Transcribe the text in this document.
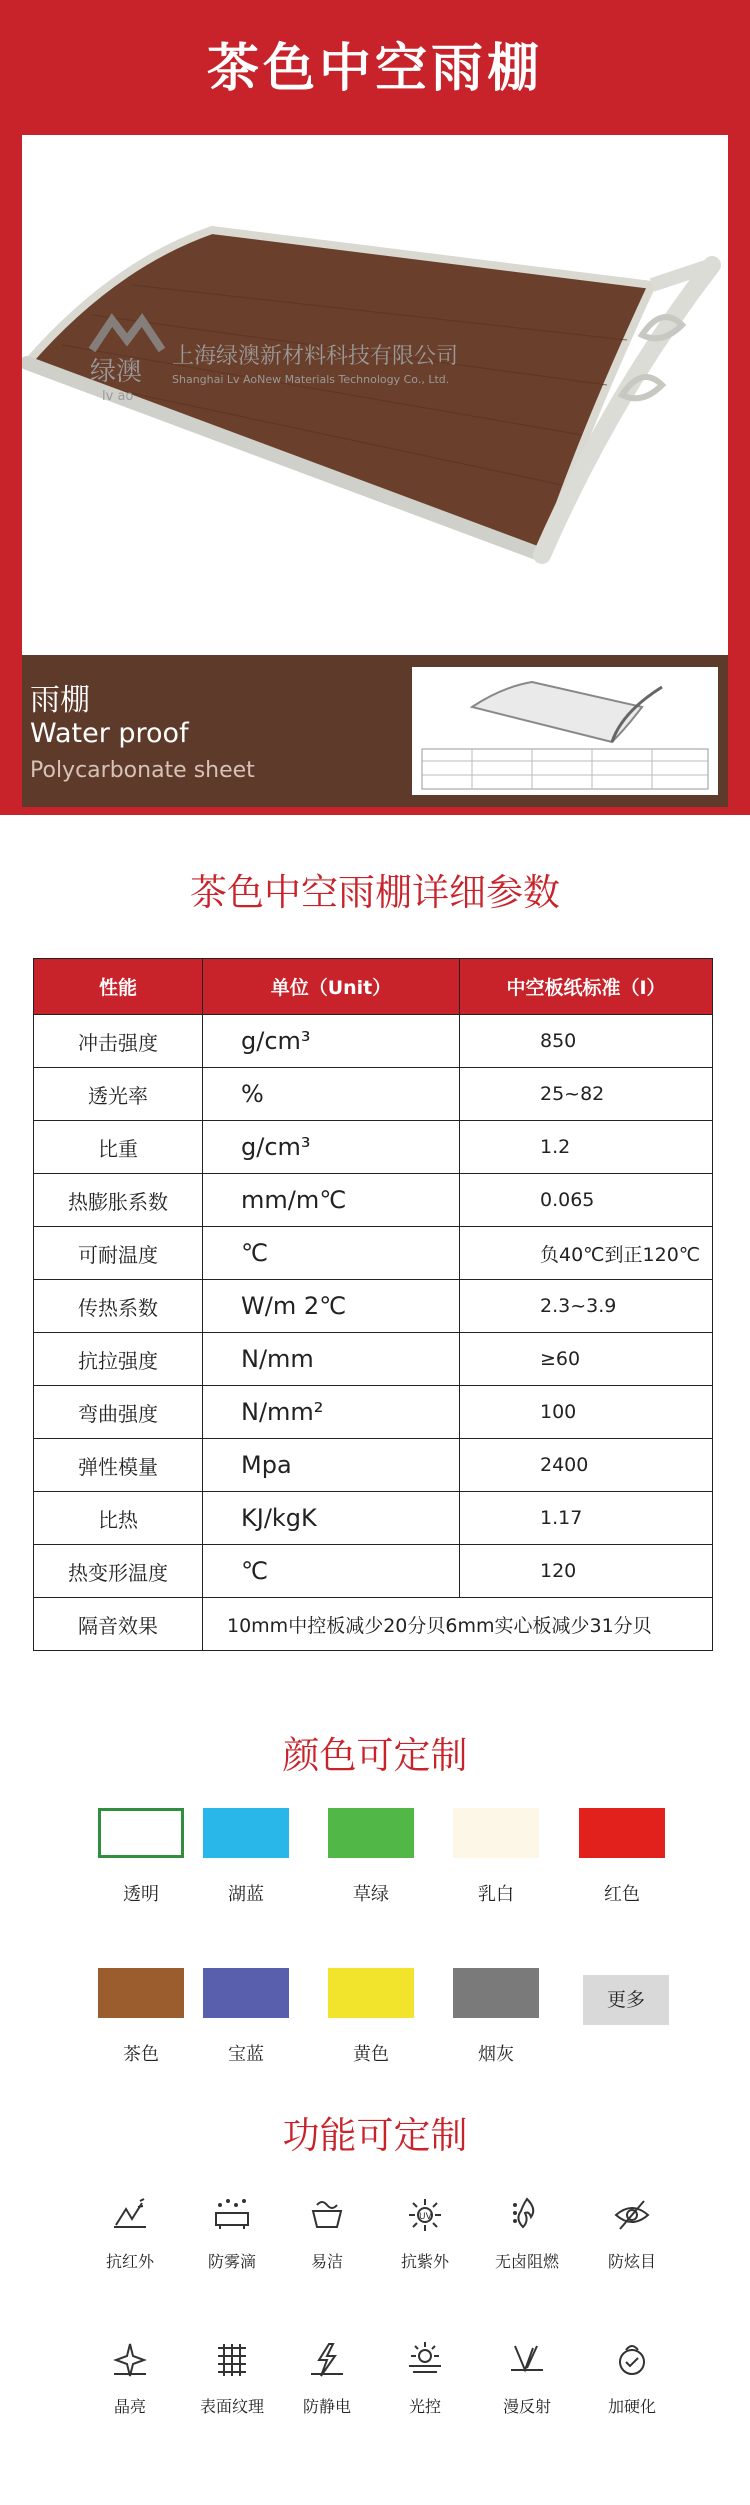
茶色中空雨棚
绿澳
lv ao
上海绿澳新材料科技有限公司
Shanghai Lv AoNew Materials Technology Co., Ltd.
雨棚
Water proof
Polycarbonate sheet
茶色中空雨棚详细参数
性能	单位（Unit）	中空板纸标准（I）
冲击强度	g/cm³	850
透光率	%	25~82
比重	g/cm³	1.2
热膨胀系数	mm/m℃	0.065
可耐温度	℃	负40℃到正120℃
传热系数	W/m 2℃	2.3~3.9
抗拉强度	N/mm	≥60
弯曲强度	N/mm²	100
弹性模量	Mpa	2400
比热	KJ/kgK	1.17
热变形温度	℃	120
隔音效果	10mm中控板减少20分贝6mm实心板减少31分贝	
颜色可定制
透明	湖蓝	草绿	乳白	红色
茶色	宝蓝	黄色	烟灰
更多
功能可定制
抗红外	防雾滴	易洁
UV
抗紫外	无卤阻燃	防炫目
晶亮	表面纹理	防静电	光控	漫反射	加硬化
